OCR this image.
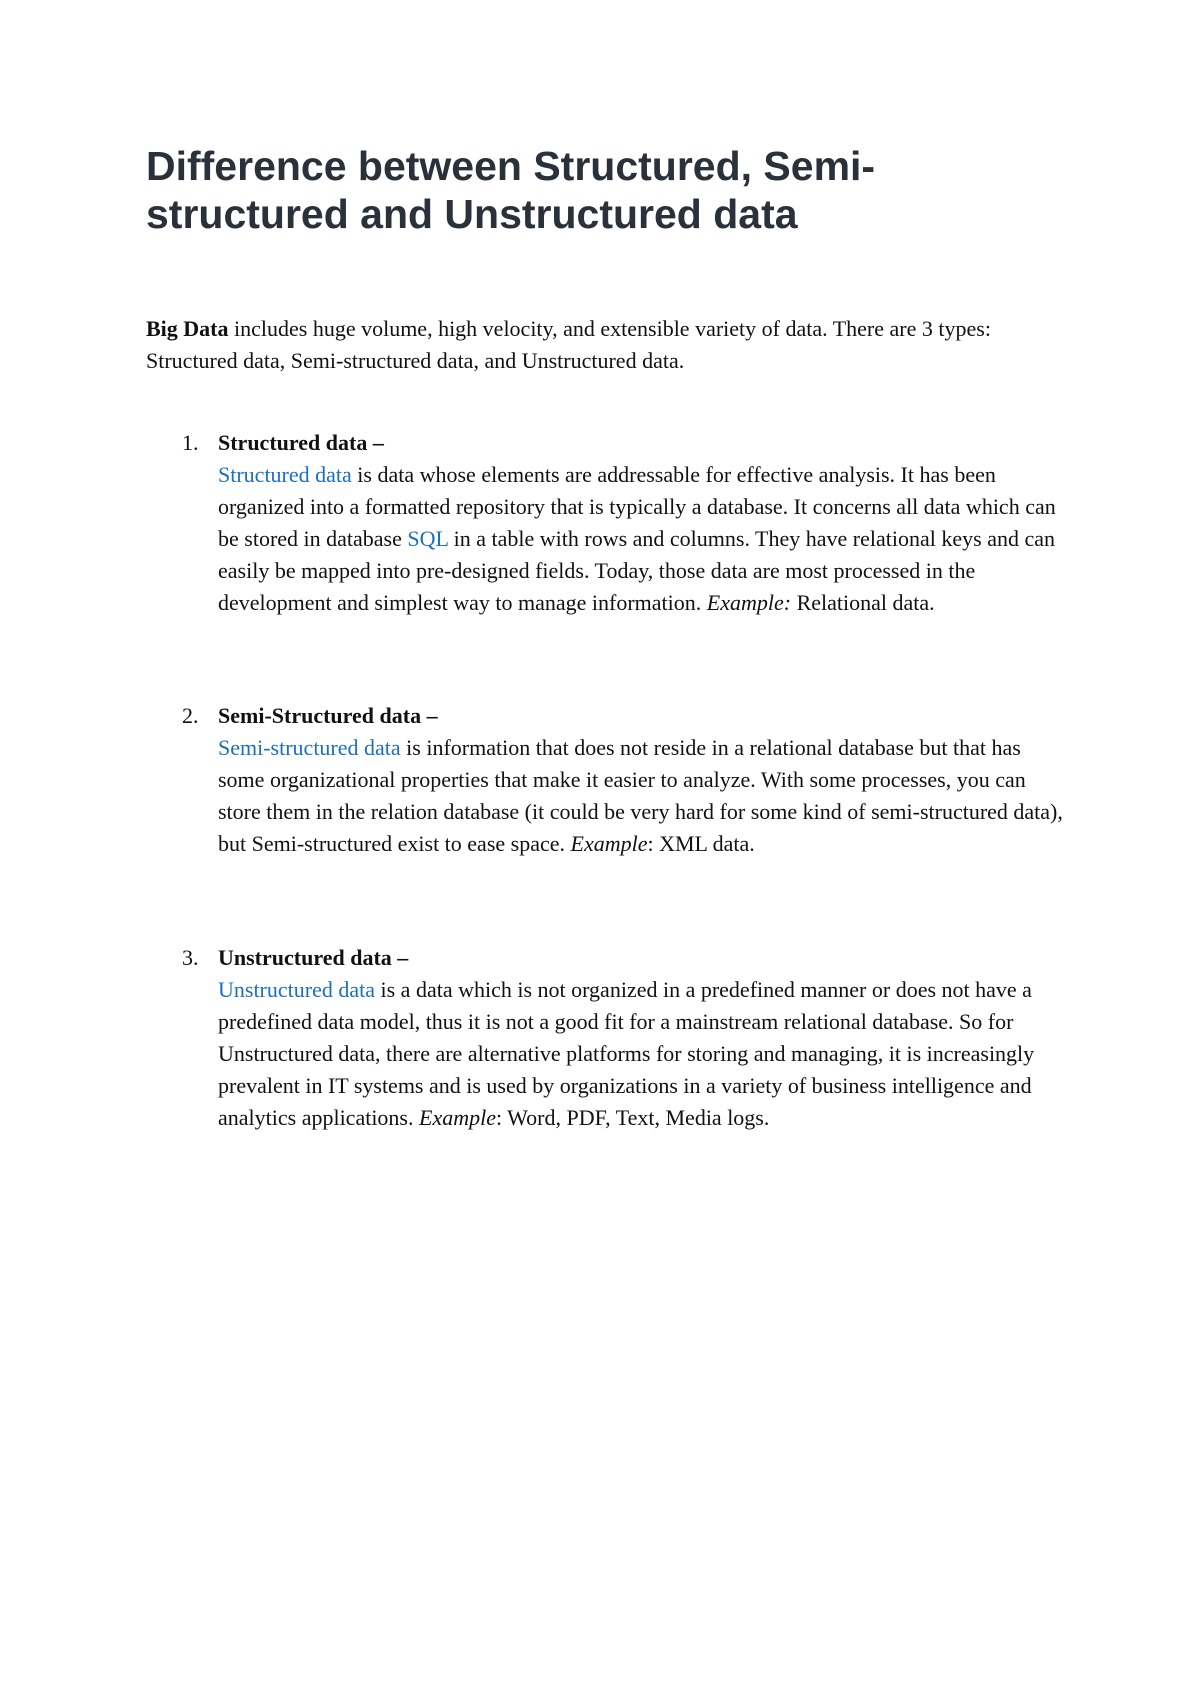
Difference between Structured, Semi-structured and Unstructured data

Big Data includes huge volume, high velocity, and extensible variety of data. There are 3 types: Structured data, Semi-structured data, and Unstructured data.

1. Structured data –
Structured data is data whose elements are addressable for effective analysis. It has been organized into a formatted repository that is typically a database. It concerns all data which can be stored in database SQL in a table with rows and columns. They have relational keys and can easily be mapped into pre-designed fields. Today, those data are most processed in the development and simplest way to manage information. Example: Relational data.
2. Semi-Structured data –
Semi-structured data is information that does not reside in a relational database but that has some organizational properties that make it easier to analyze. With some processes, you can store them in the relation database (it could be very hard for some kind of semi-structured data), but Semi-structured exist to ease space. Example: XML data.
3. Unstructured data –
Unstructured data is a data which is not organized in a predefined manner or does not have a predefined data model, thus it is not a good fit for a mainstream relational database. So for Unstructured data, there are alternative platforms for storing and managing, it is increasingly prevalent in IT systems and is used by organizations in a variety of business intelligence and analytics applications. Example: Word, PDF, Text, Media logs.
